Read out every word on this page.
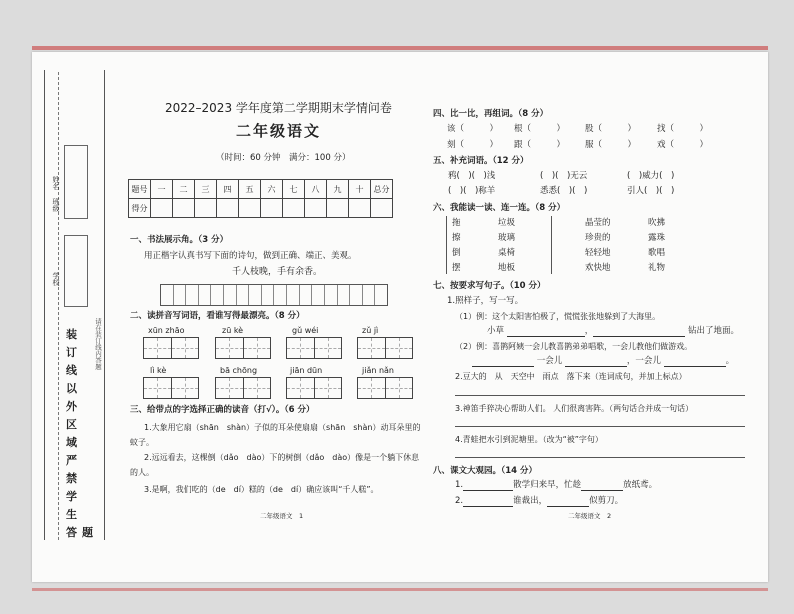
姓名
班级
学校
请在装订线内答题
装
订
线
以
外
区
域
严
禁
学
生
答 题
2022–2023 学年度第二学期期末学情问卷
二年级语文
（时间：60 分钟　满分：100 分）
题号	一	二	三	四	五	六	七	八	九	十	总分
得分											
一、书法展示角。（3 分）
用正楷字认真书写下面的诗句，做到正确、端正、美观。
千人枝晚，手有余香。
二、读拼音写词语，看谁写得最漂亮。（8 分）
xūn zhāo	zū kè	gǔ wéi	zǔ jì
lì kè	bā chōng	jiān dūn	jiǎn nǎn
三、给带点的字选择正确的读音（打√）。（6 分）
1.大象用它扇（shān　shàn）子似的耳朵使扇扇（shān　shàn）动耳朵里的
蚊子。
2.远远看去，这棵倒（dǎo　dào）下的树倒（dǎo　dào）像是一个躺下休息
的人。
3.是啊，我们吃的（de　dí）糕的（de　dí）确应该叫“千人糕”。
二年级语文　1
四、比一比，再组词。（8 分）
该（　　　） 根（　　　） 股（　　　） 找（　　　）
刻（　　　） 跟（　　　） 服（　　　） 戏（　　　）
五、补充词语。（12 分）
鸦(　)(　)浅	(　)(　)无云	(　)威力(　)
(　)(　)称羊	悉悉(　)(　)	引人(　)(　)
六、我能读一读、连一连。（8 分）
拖
擦
倒
摆
垃圾
玻璃
桌椅
地板
晶莹的
珍贵的
轻轻地
欢快地
吹拂
露珠
歌唱
礼物
七、按要求写句子。（10 分）
1.照样子，写一写。
（1）例：这个太阳害怕极了，慌慌张张地躲到了大海里。
小草	，	钻出了地面。
（2）例：喜鹊阿姨一会儿教喜鹊弟弟唱歌，一会儿教他们做游戏。
一会儿	，一会儿	。
2.豆大的　从　天空中　雨点　落下来（连词成句，并加上标点）
3.神笛手猝决心帮助人们。 人们很离害阵。（两句话合并成一句话）
4.青蛙把水引到泥塘里。（改为“被”字句）
八、课文大观园。（14 分）
1.	散学归来早，忙趁	放纸鸢。
2.	谁裁出，	似剪刀。
二年级语文　2
